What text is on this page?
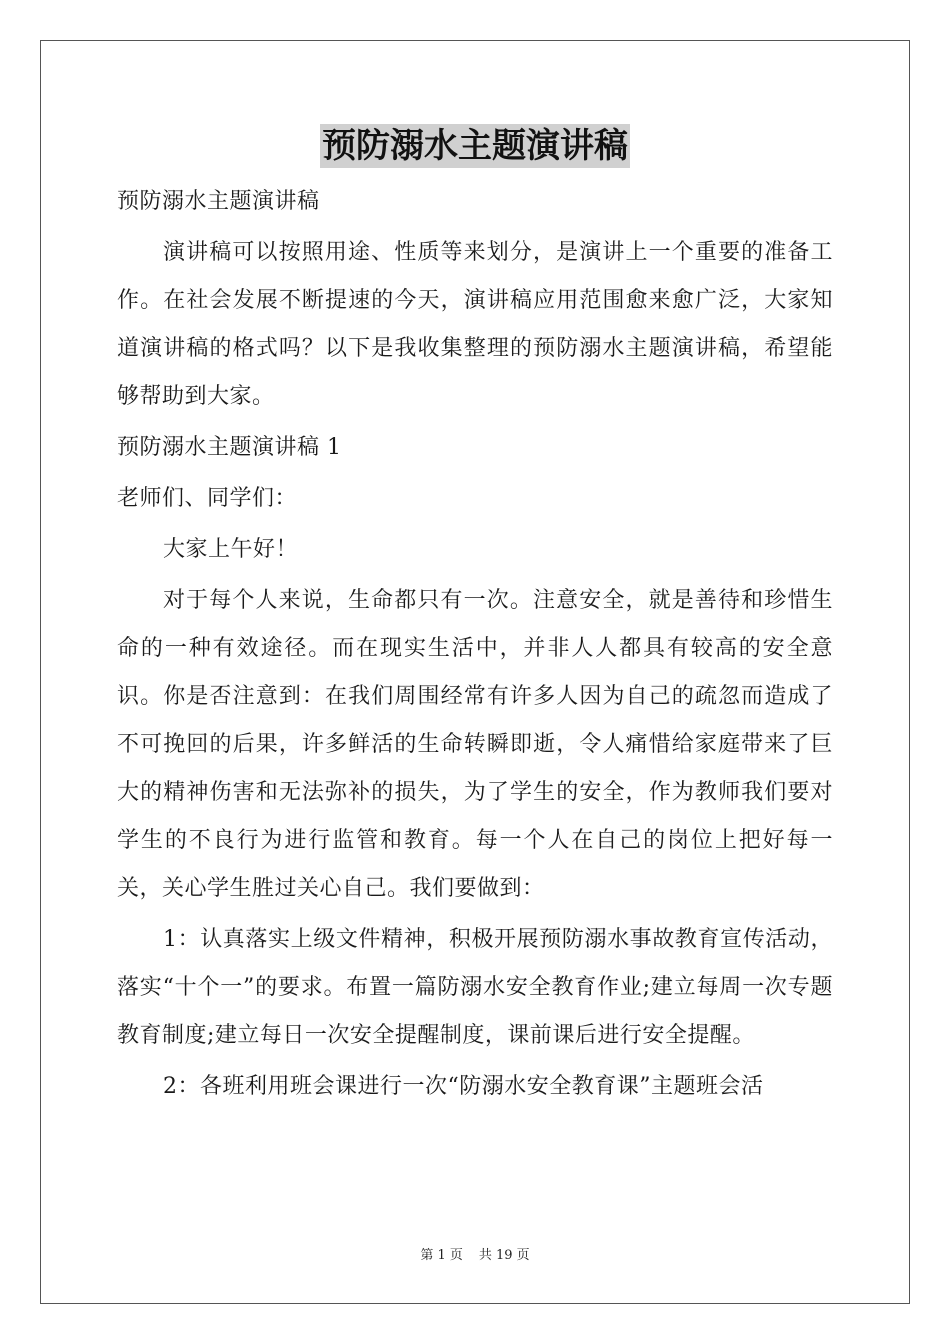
预防溺水主题演讲稿

预防溺水主题演讲稿

演讲稿可以按照用途、性质等来划分，是演讲上一个重要的准备工作。在社会发展不断提速的今天，演讲稿应用范围愈来愈广泛，大家知道演讲稿的格式吗？以下是我收集整理的预防溺水主题演讲稿，希望能够帮助到大家。

预防溺水主题演讲稿 1

老师们、同学们：

大家上午好！

对于每个人来说，生命都只有一次。注意安全，就是善待和珍惜生命的一种有效途径。而在现实生活中，并非人人都具有较高的安全意识。你是否注意到：在我们周围经常有许多人因为自己的疏忽而造成了不可挽回的后果，许多鲜活的生命转瞬即逝，令人痛惜给家庭带来了巨大的精神伤害和无法弥补的损失，为了学生的安全，作为教师我们要对学生的不良行为进行监管和教育。每一个人在自己的岗位上把好每一关，关心学生胜过关心自己。我们要做到：

1：认真落实上级文件精神，积极开展预防溺水事故教育宣传活动，落实“十个一”的要求。布置一篇防溺水安全教育作业;建立每周一次专题教育制度;建立每日一次安全提醒制度，课前课后进行安全提醒。

2：各班利用班会课进行一次“防溺水安全教育课”主题班会活

第 1 页 共 19 页
